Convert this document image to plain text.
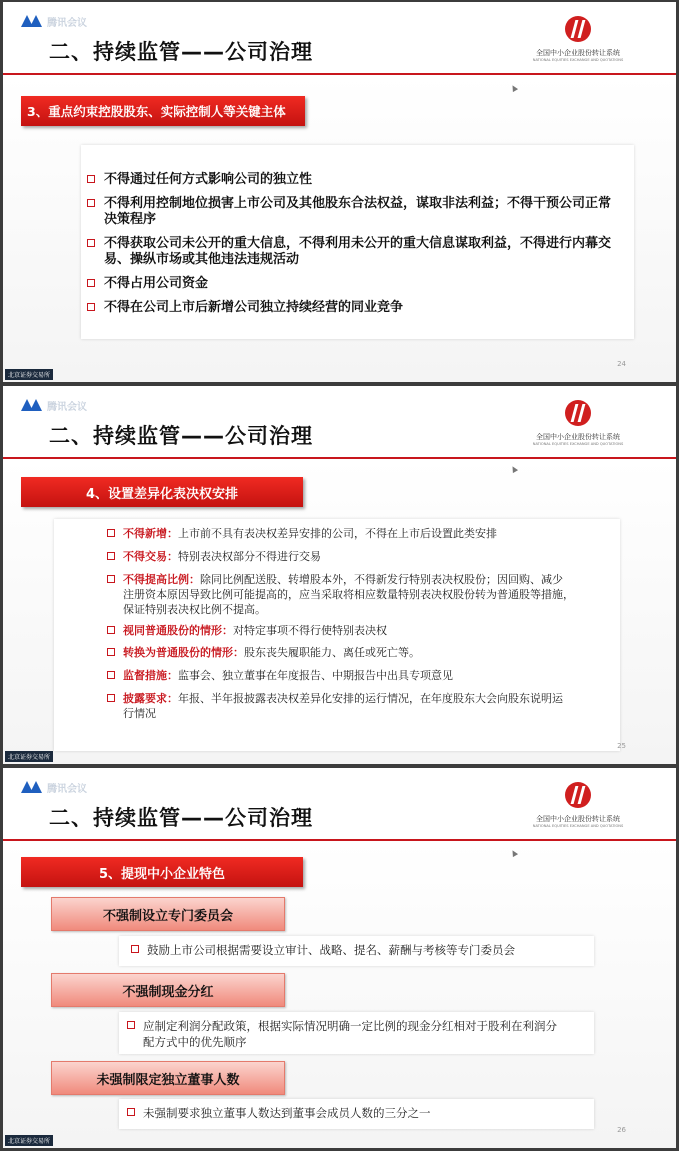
腾讯会议
二、持续监管——公司治理	全国中小企业股份转让系统
NATIONAL EQUITIES EXCHANGE AND QUOTATIONS
3、重点约束控股股东、实际控制人等关键主体
不得通过任何方式影响公司的独立性
不得利用控制地位损害上市公司及其他股东合法权益，谋取非法利益；不得干预公司正常
决策程序
不得获取公司未公开的重大信息，不得利用未公开的重大信息谋取利益，不得进行内幕交
易、操纵市场或其他违法违规活动
不得占用公司资金
不得在公司上市后新增公司独立持续经营的同业竞争
24
北京证券交易所
腾讯会议
二、持续监管——公司治理	全国中小企业股份转让系统
NATIONAL EQUITIES EXCHANGE AND QUOTATIONS
4、设置差异化表决权安排
不得新增：上市前不具有表决权差异安排的公司，不得在上市后设置此类安排
不得交易：特别表决权部分不得进行交易
不得提高比例：除同比例配送股、转增股本外，不得新发行特别表决权股份；因回购、减少
注册资本原因导致比例可能提高的，应当采取将相应数量特别表决权股份转为普通股等措施，
保证特别表决权比例不提高。
视同普通股份的情形：对特定事项不得行使特别表决权
转换为普通股份的情形：股东丧失履职能力、离任或死亡等。
监督措施：监事会、独立董事在年度报告、中期报告中出具专项意见
披露要求：年报、半年报披露表决权差异化安排的运行情况，在年度股东大会向股东说明运
行情况
25
北京证券交易所
腾讯会议
二、持续监管——公司治理	全国中小企业股份转让系统
NATIONAL EQUITIES EXCHANGE AND QUOTATIONS
5、提现中小企业特色
不强制设立专门委员会
鼓励上市公司根据需要设立审计、战略、提名、薪酬与考核等专门委员会
不强制现金分红
应制定利润分配政策，根据实际情况明确一定比例的现金分红相对于股利在利润分
配方式中的优先顺序
未强制限定独立董事人数
未强制要求独立董事人数达到董事会成员人数的三分之一
26
北京证券交易所
